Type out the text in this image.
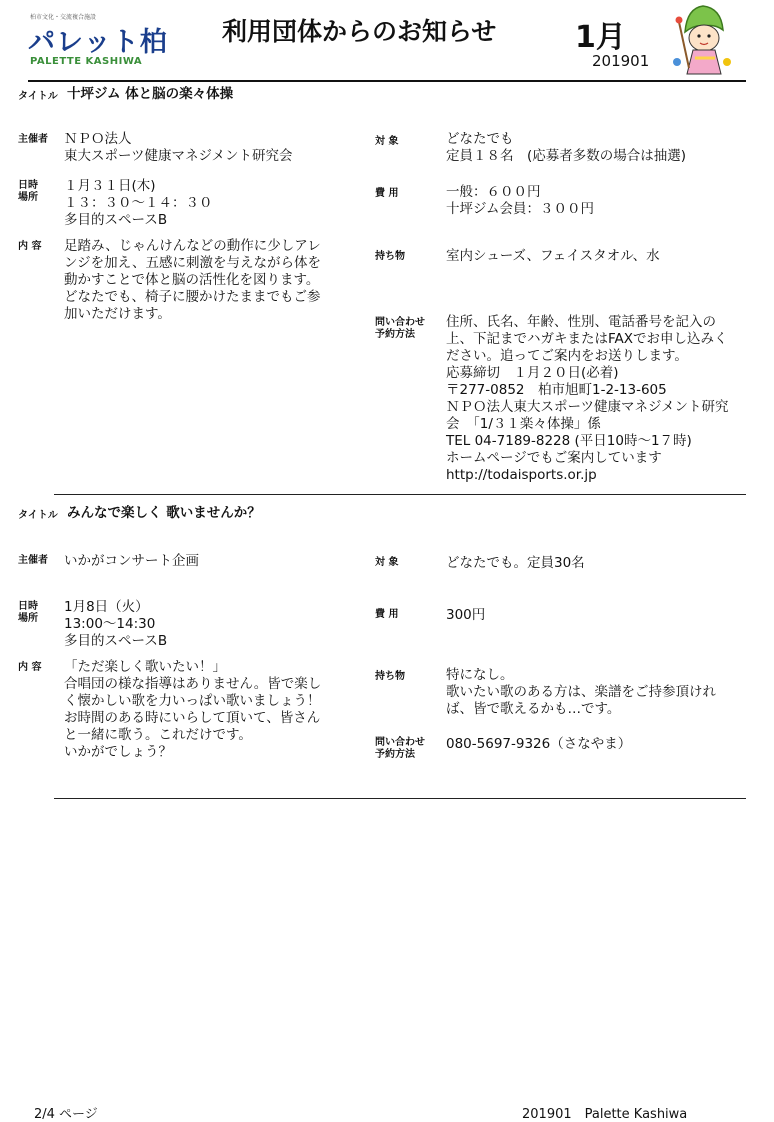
柏市文化・交流複合施設
パレット柏
PALETTE KASHIWA
利用団体からのお知らせ	1月
201901
タイトル 十坪ジム 体と脳の楽々体操
主催者 ＮＰＯ法人
東大スポーツ健康マネジメント研究会
対 象	どなたでも
定員１８名　(応募者多数の場合は抽選)
日時
場所
１月３１日(木)
１３：３０～１４：３０
多目的スペースB
費 用	一般：６００円
十坪ジム会員：３００円
内 容 足踏み、じゃんけんなどの動作に少しアレ
ンジを加え、五感に刺激を与えながら体を
動かすことで体と脳の活性化を図ります。
どなたでも、椅子に腰かけたままでもご参
加いただけます。
持ち物	室内シューズ、フェイスタオル、水
問い合わせ
予約方法
住所、氏名、年齢、性別、電話番号を記入の
上、下記までハガキまたはFAXでお申し込みく
ださい。追ってご案内をお送りします。
応募締切　１月２０日(必着)
〒277-0852　柏市旭町1-2-13-605
ＮＰＯ法人東大スポーツ健康マネジメント研究
会　「1/３１楽々体操」係
TEL 04-7189-8228 (平日10時～1７時)
ホームページでもご案内しています
http://todaisports.or.jp
タイトル みんなで楽しく 歌いませんか？
主催者 いかがコンサート企画	対 象	どなたでも。定員30名
日時
場所
1月8日（火）
13:00～14:30
多目的スペースB
費 用	300円
内 容 「ただ楽しく歌いたい！」
合唱団の様な指導はありません。皆で楽し
く懐かしい歌を力いっぱい歌いましょう！
お時間のある時にいらして頂いて、皆さん
と一緒に歌う。これだけです。
いかがでしょう？
持ち物	特になし。
歌いたい歌のある方は、楽譜をご持参頂けれ
ば、皆で歌えるかも…です。
問い合わせ
予約方法
080-5697-9326（さなやま）
2/4 ページ	201901　Palette Kashiwa
